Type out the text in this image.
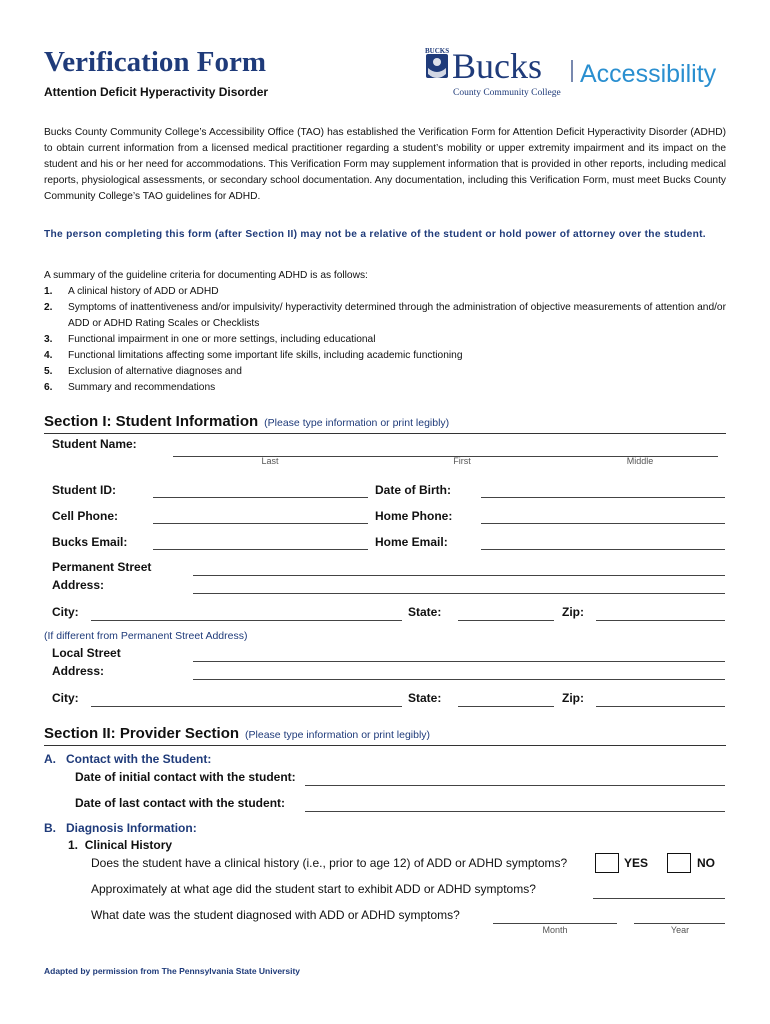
Verification Form
Attention Deficit Hyperactivity Disorder
BUCKS Bucks
County Community College
Accessibility
Bucks County Community College’s Accessibility Office (TAO) has established the Verification Form for Attention Deficit Hyperactivity Disorder (ADHD) to obtain current information from a licensed medical practitioner regarding a student’s mobility or upper extremity impairment and its impact on the student and his or her need for accommodations. This Verification Form may supplement information that is provided in other reports, including medical reports, physiological assessments, or secondary school documentation. Any documentation, including this Verification Form, must meet Bucks County Community College’s TAO guidelines for ADHD.
The person completing this form (after Section II) may not be a relative of the student or hold power of attorney over the student.
A summary of the guideline criteria for documenting ADHD is as follows:
1. A clinical history of ADD or ADHD
2. Symptoms of inattentiveness and/or impulsivity/ hyperactivity determined through the administration of objective measurements of attention and/or ADD or ADHD Rating Scales or Checklists
3. Functional impairment in one or more settings, including educational
4. Functional limitations affecting some important life skills, including academic functioning
5. Exclusion of alternative diagnoses and
6. Summary and recommendations
Section I: Student Information (Please type information or print legibly)
Student Name:
Last	First	Middle
Student ID:	Date of Birth:
Cell Phone:	Home Phone:
Bucks Email:	Home Email:
Permanent Street
Address:
City:	State:	Zip:
(If different from Permanent Street Address)
Local Street
Address:
City:	State:	Zip:
Section II: Provider Section (Please type information or print legibly)
A. Contact with the Student:
Date of initial contact with the student:
Date of last contact with the student:
B. Diagnosis Information:
1. Clinical History
Does the student have a clinical history (i.e., prior to age 12) of ADD or ADHD symptoms?	YES	NO
Approximately at what age did the student start to exhibit ADD or ADHD symptoms?
What date was the student diagnosed with ADD or ADHD symptoms?
Month	Year
Adapted by permission from The Pennsylvania State University
